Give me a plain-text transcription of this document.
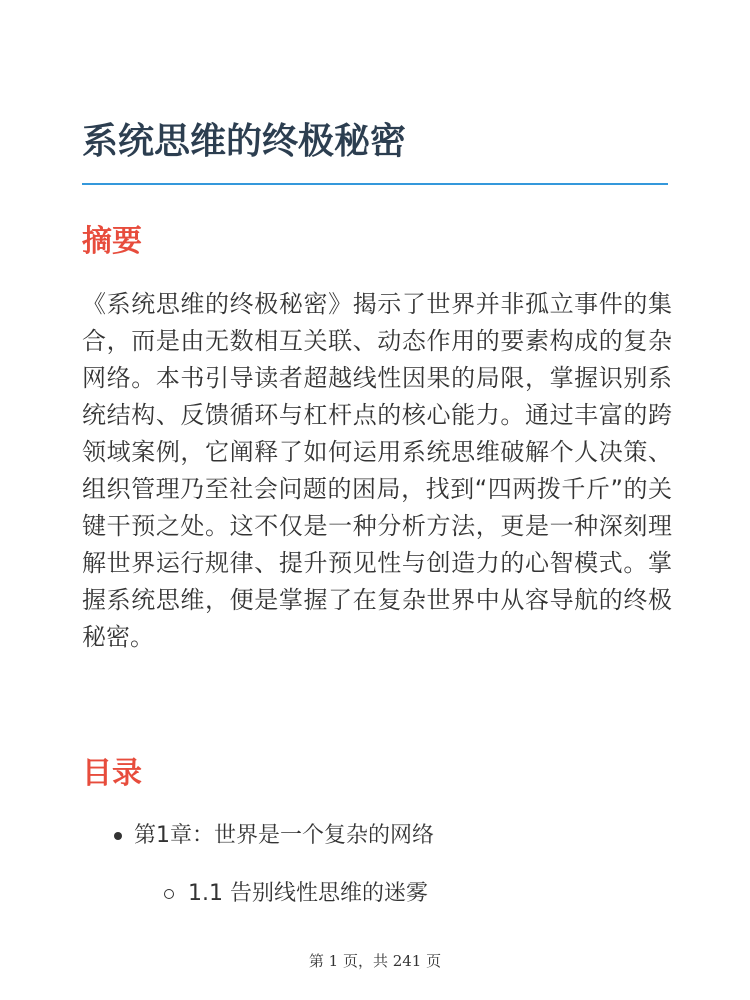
系统思维的终极秘密
摘要

《系统思维的终极秘密》揭示了世界并非孤立事件的集合，而是由无数相互关联、动态作用的要素构成的复杂网络。本书引导读者超越线性因果的局限，掌握识别系统结构、反馈循环与杠杆点的核心能力。通过丰富的跨领域案例，它阐释了如何运用系统思维破解个人决策、组织管理乃至社会问题的困局，找到“四两拨千斤”的关键干预之处。这不仅是一种分析方法，更是一种深刻理解世界运行规律、提升预见性与创造力的心智模式。掌握系统思维，便是掌握了在复杂世界中从容导航的终极秘密。

目录
第1章：世界是一个复杂的网络
1.1 告别线性思维的迷雾
第 1 页，共 241 页
